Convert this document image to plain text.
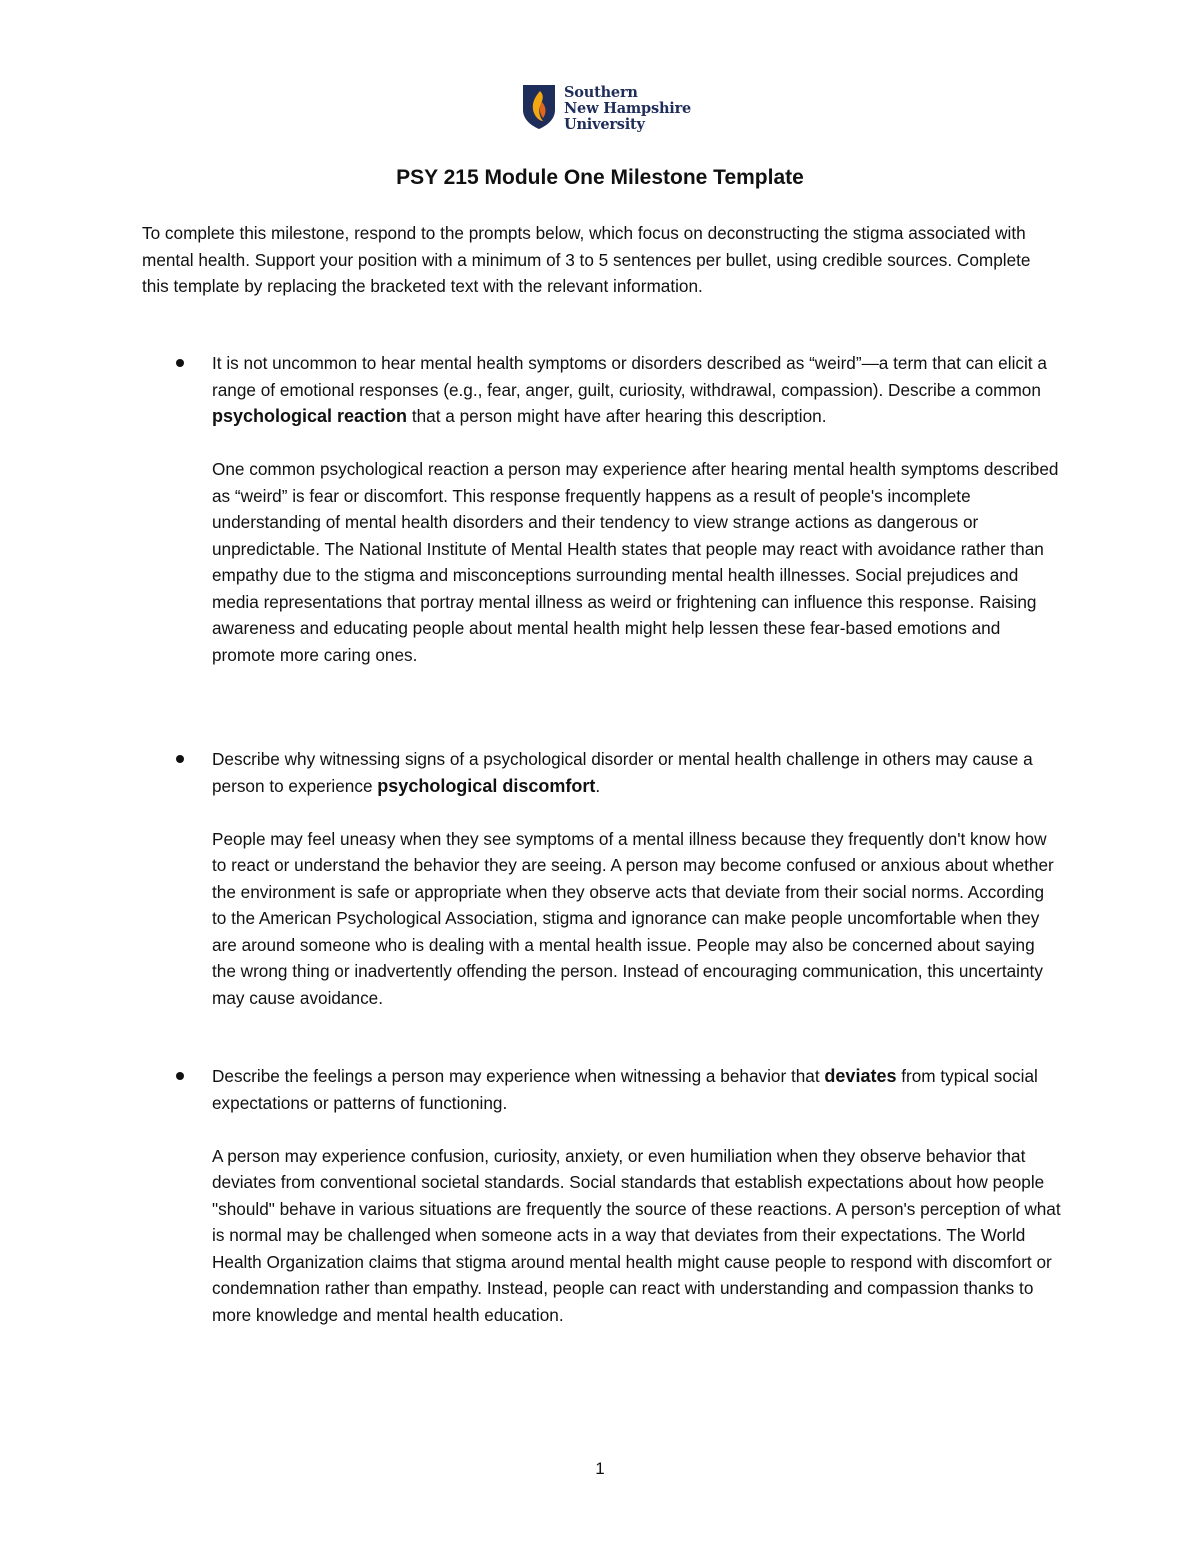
Southern
New Hampshire
University
PSY 215 Module One Milestone Template
To complete this milestone, respond to the prompts below, which focus on deconstructing the stigma associated with mental health. Support your position with a minimum of 3 to 5 sentences per bullet, using credible sources. Complete this template by replacing the bracketed text with the relevant information.
It is not uncommon to hear mental health symptoms or disorders described as “weird”—a term that can elicit a range of emotional responses (e.g., fear, anger, guilt, curiosity, withdrawal, compassion). Describe a common psychological reaction that a person might have after hearing this description.
One common psychological reaction a person may experience after hearing mental health symptoms described as “weird” is fear or discomfort. This response frequently happens as a result of people's incomplete understanding of mental health disorders and their tendency to view strange actions as dangerous or unpredictable. The National Institute of Mental Health states that people may react with avoidance rather than empathy due to the stigma and misconceptions surrounding mental health illnesses. Social prejudices and media representations that portray mental illness as weird or frightening can influence this response. Raising awareness and educating people about mental health might help lessen these fear-based emotions and promote more caring ones.
Describe why witnessing signs of a psychological disorder or mental health challenge in others may cause a person to experience psychological discomfort.
People may feel uneasy when they see symptoms of a mental illness because they frequently don't know how to react or understand the behavior they are seeing. A person may become confused or anxious about whether the environment is safe or appropriate when they observe acts that deviate from their social norms. According to the American Psychological Association, stigma and ignorance can make people uncomfortable when they are around someone who is dealing with a mental health issue. People may also be concerned about saying the wrong thing or inadvertently offending the person. Instead of encouraging communication, this uncertainty may cause avoidance.
Describe the feelings a person may experience when witnessing a behavior that deviates from typical social expectations or patterns of functioning.
A person may experience confusion, curiosity, anxiety, or even humiliation when they observe behavior that deviates from conventional societal standards. Social standards that establish expectations about how people "should" behave in various situations are frequently the source of these reactions. A person's perception of what is normal may be challenged when someone acts in a way that deviates from their expectations. The World Health Organization claims that stigma around mental health might cause people to respond with discomfort or condemnation rather than empathy. Instead, people can react with understanding and compassion thanks to more knowledge and mental health education.
1
